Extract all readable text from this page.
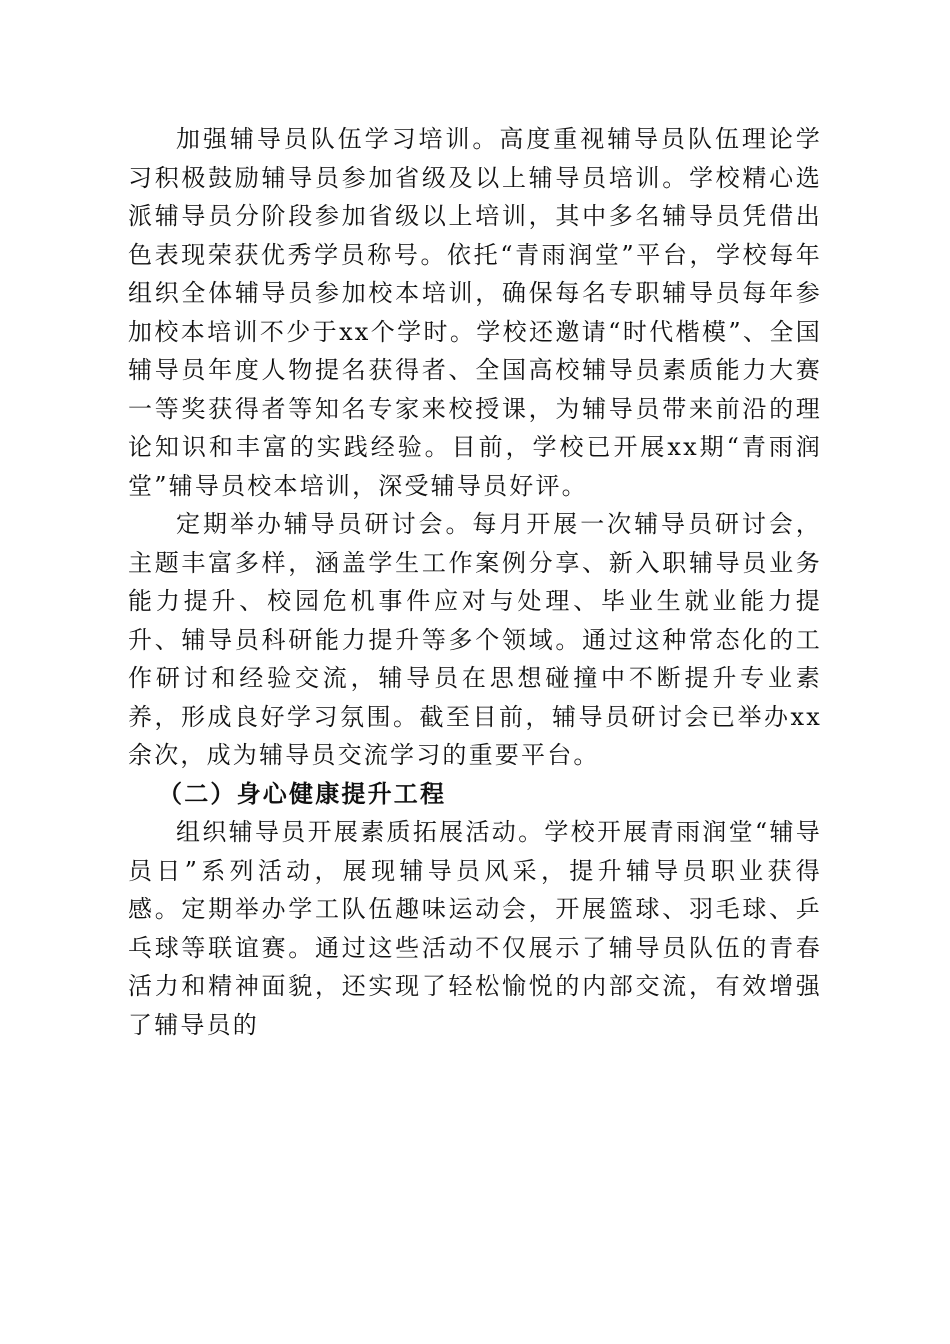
加强辅导员队伍学习培训。高度重视辅导员队伍理论学习积极鼓励辅导员参加省级及以上辅导员培训。学校精心选派辅导员分阶段参加省级以上培训，其中多名辅导员凭借出色表现荣获优秀学员称号。依托“青雨润堂”平台，学校每年组织全体辅导员参加校本培训，确保每名专职辅导员每年参加校本培训不少于xx个学时。学校还邀请“时代楷模”、全国辅导员年度人物提名获得者、全国高校辅导员素质能力大赛一等奖获得者等知名专家来校授课，为辅导员带来前沿的理论知识和丰富的实践经验。目前，学校已开展xx期“青雨润堂”辅导员校本培训，深受辅导员好评。

定期举办辅导员研讨会。每月开展一次辅导员研讨会，主题丰富多样，涵盖学生工作案例分享、新入职辅导员业务能力提升、校园危机事件应对与处理、毕业生就业能力提升、辅导员科研能力提升等多个领域。通过这种常态化的工作研讨和经验交流，辅导员在思想碰撞中不断提升专业素养，形成良好学习氛围。截至目前，辅导员研讨会已举办xx余次，成为辅导员交流学习的重要平台。

（二）身心健康提升工程

组织辅导员开展素质拓展活动。学校开展青雨润堂“辅导员日”系列活动，展现辅导员风采，提升辅导员职业获得感。定期举办学工队伍趣味运动会，开展篮球、羽毛球、乒乓球等联谊赛。通过这些活动不仅展示了辅导员队伍的青春活力和精神面貌，还实现了轻松愉悦的内部交流，有效增强了辅导员的
